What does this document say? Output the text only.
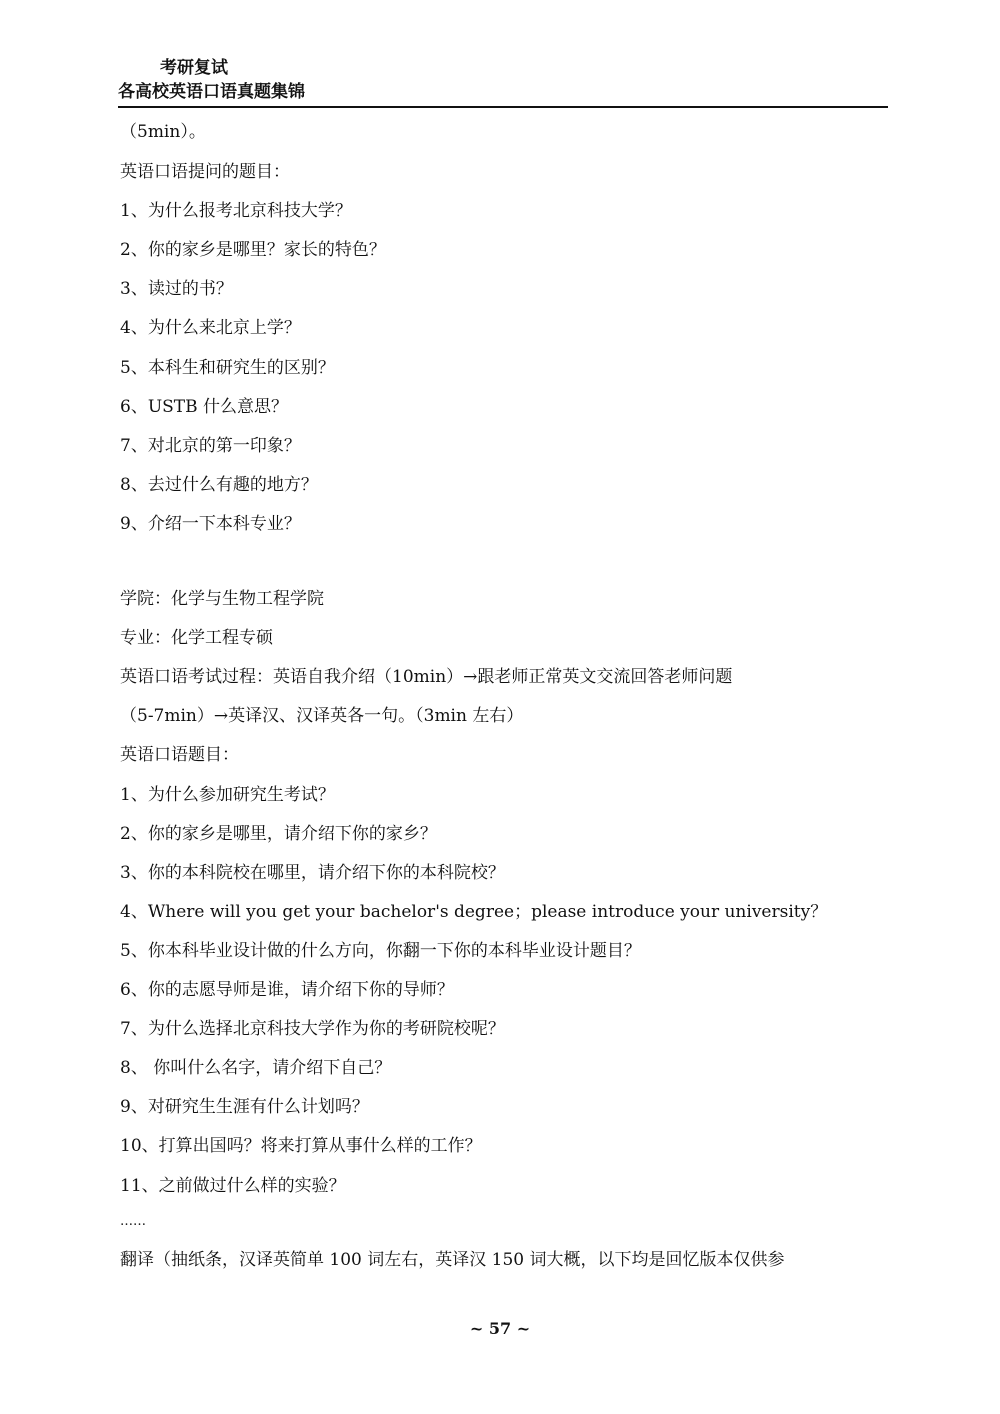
考研复试
各高校英语口语真题集锦
（5min）。
英语口语提问的题目：
1、为什么报考北京科技大学？
2、你的家乡是哪里？家长的特色？
3、读过的书？
4、为什么来北京上学？
5、本科生和研究生的区别？
6、USTB 什么意思？
7、对北京的第一印象？
8、去过什么有趣的地方？
9、介绍一下本科专业？
学院：化学与生物工程学院
专业：化学工程专硕
英语口语考试过程：英语自我介绍（10min）→跟老师正常英文交流回答老师问题
（5-7min）→英译汉、汉译英各一句。（3min 左右）
英语口语题目：
1、为什么参加研究生考试？
2、你的家乡是哪里，请介绍下你的家乡？
3、你的本科院校在哪里，请介绍下你的本科院校？
4、Where will you get your bachelor's degree；please introduce your university？
5、你本科毕业设计做的什么方向，你翻一下你的本科毕业设计题目？
6、你的志愿导师是谁，请介绍下你的导师？
7、为什么选择北京科技大学作为你的考研院校呢？
8、 你叫什么名字，请介绍下自己？
9、对研究生生涯有什么计划吗？
10、打算出国吗？将来打算从事什么样的工作？
11、之前做过什么样的实验？
……
翻译（抽纸条，汉译英简单 100 词左右，英译汉 150 词大概，以下均是回忆版本仅供参
~ 57 ~
